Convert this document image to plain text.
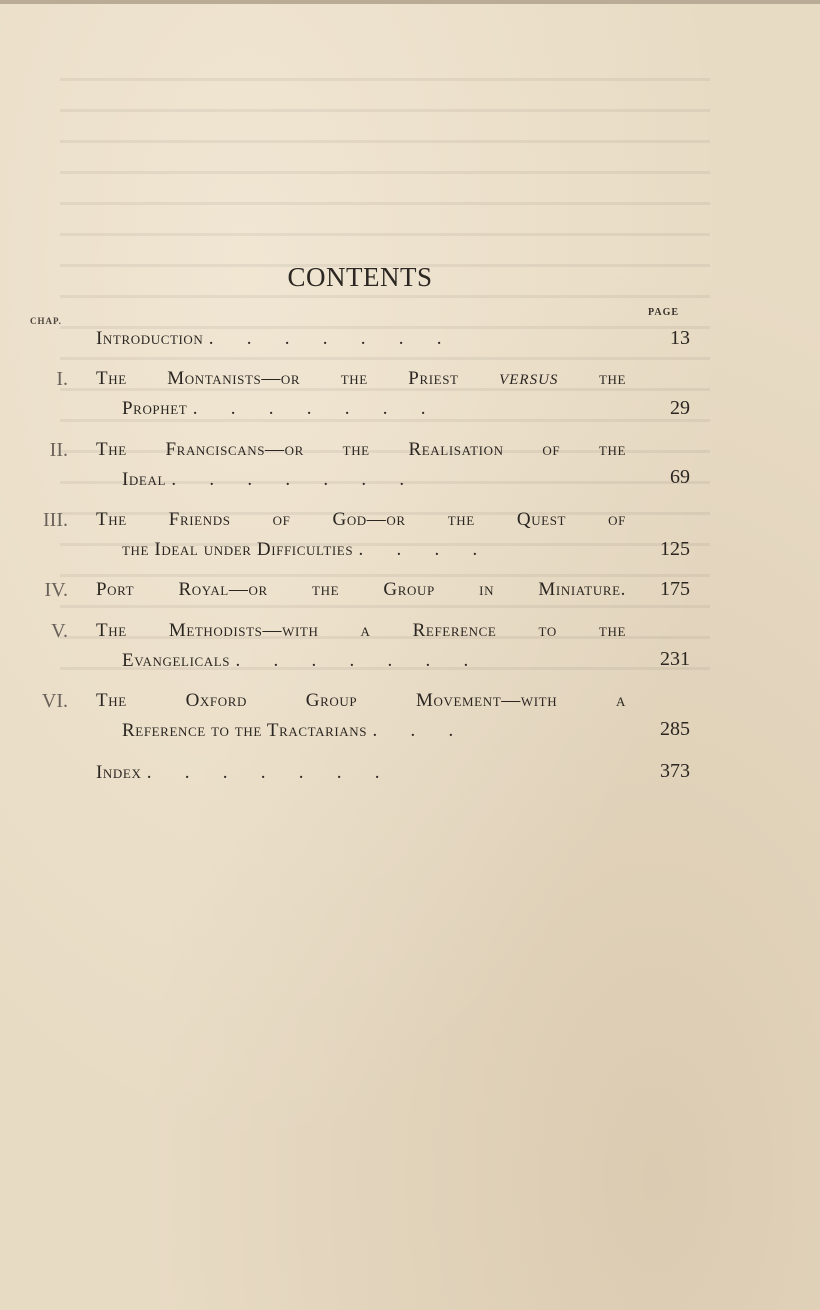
CONTENTS
CHAP.
PAGE
Introduction .       .       .       .       .       .       .	13
I. The Montanists—or the Priest VERSUS the
Prophet .       .       .       .       .       .       .	29
II. The Franciscans—or the Realisation of the
Ideal .       .       .       .       .       .       .	69
III. The Friends of God—or the Quest of
the Ideal under Difficulties .       .       .       .	125
IV. Port Royal—or the Group in Miniature.	175
V. The Methodists—with a Reference to the
Evangelicals .       .       .       .       .       .       .	231
VI. The Oxford Group Movement—with a
Reference to the Tractarians .       .       .	285
Index .       .       .       .       .       .       .	373
